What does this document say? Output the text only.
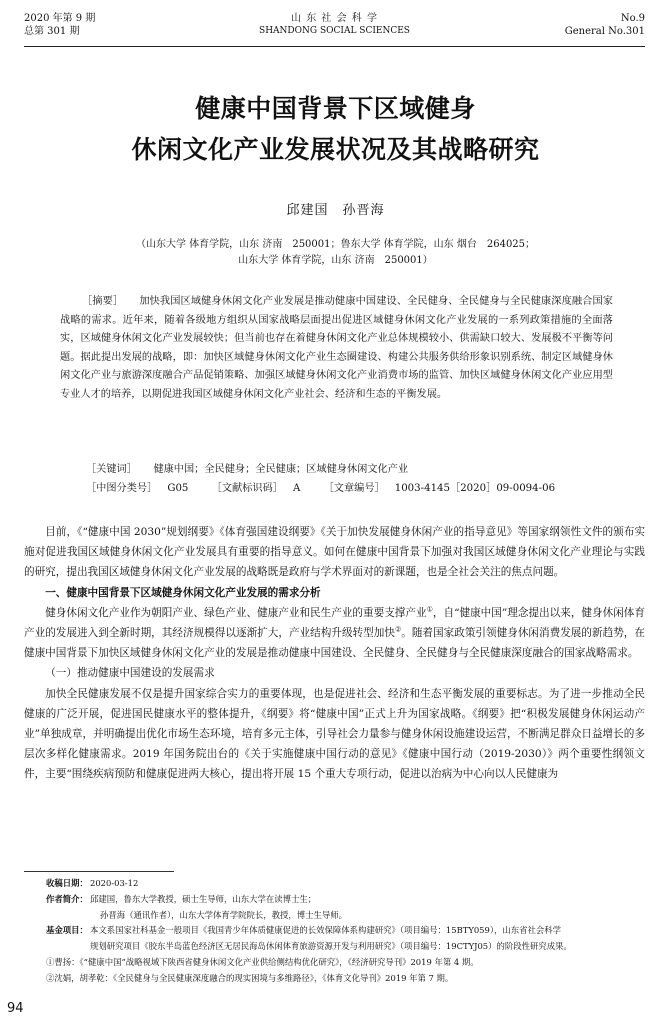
2020 年第 9 期
总第 301 期
山 东 社 会 科 学
SHANDONG SOCIAL SCIENCES
No.9
General No.301
健康中国背景下区域健身
休闲文化产业发展状况及其战略研究
邱建国　孙晋海
（山东大学 体育学院，山东 济南　250001；鲁东大学 体育学院，山东 烟台　264025；
山东大学 体育学院，山东 济南　250001）
［摘要］ 加快我国区域健身休闲文化产业发展是推动健康中国建设、全民健身、全民健身与全民健康深度融合国家战略的需求。近年来，随着各级地方组织从国家战略层面提出促进区域健身休闲文化产业发展的一系列政策措施的全面落实，区域健身休闲文化产业发展较快；但当前也存在着健身休闲文化产业总体规模较小、供需缺口较大、发展极不平衡等问题。据此提出发展的战略，即：加快区域健身休闲文化产业生态圈建设、构建公共服务供给形象识别系统、制定区域健身休闲文化产业与旅游深度融合产品促销策略、加强区域健身休闲文化产业消费市场的监管、加快区域健身休闲文化产业应用型专业人才的培养，以期促进我国区域健身休闲文化产业社会、经济和生态的平衡发展。
［关键词］ 健康中国；全民健身；全民健康；区域健身休闲文化产业
［中图分类号］ G05 ［文献标识码］ A ［文章编号］ 1003-4145［2020］09-0094-06

目前，《“健康中国 2030”规划纲要》《体育强国建设纲要》《关于加快发展健身休闲产业的指导意见》等国家纲领性文件的颁布实施对促进我国区域健身休闲文化产业发展具有重要的指导意义。如何在健康中国背景下加强对我国区域健身休闲文化产业理论与实践的研究，提出我国区域健身休闲文化产业发展的战略既是政府与学术界面对的新课题，也是全社会关注的焦点问题。

一、健康中国背景下区域健身休闲文化产业发展的需求分析

健身休闲文化产业作为朝阳产业、绿色产业、健康产业和民生产业的重要支撑产业①，自“健康中国”理念提出以来，健身休闲体育产业的发展进入到全新时期，其经济规模得以逐渐扩大，产业结构升级转型加快②。随着国家政策引领健身休闲消费发展的新趋势，在健康中国背景下加快区域健身休闲文化产业的发展是推动健康中国建设、全民健身、全民健身与全民健康深度融合的国家战略需求。

（一）推动健康中国建设的发展需求

加快全民健康发展不仅是提升国家综合实力的重要体现，也是促进社会、经济和生态平衡发展的重要标志。为了进一步推动全民健康的广泛开展，促进国民健康水平的整体提升，《纲要》将“健康中国”正式上升为国家战略。《纲要》把“积极发展健身休闲运动产业”单独成章，并明确提出优化市场生态环境，培育多元主体，引导社会力量参与健身休闲设施建设运营，不断满足群众日益增长的多层次多样化健康需求。2019 年国务院出台的《关于实施健康中国行动的意见》《健康中国行动（2019-2030）》两个重要性纲领文件，主要“围绕疾病预防和健康促进两大核心，提出将开展 15 个重大专项行动，促进以治病为中心向以人民健康为

收稿日期： 2020-03-12
作者简介： 邱建国，鲁东大学教授，硕士生导师，山东大学在读博士生；
孙晋海（通讯作者），山东大学体育学院院长，教授，博士生导师。
基金项目： 本文系国家社科基金一般项目《我国青少年体质健康促进的长效保障体系构建研究》（项目编号：15BTY059），山东省社会科学
规划研究项目《胶东半岛蓝色经济区无居民海岛休闲体育旅游资源开发与利用研究》（项目编号：19CTYJ05）的阶段性研究成果。
①曹扬：《“健康中国”战略视域下陕西省健身休闲文化产业供给侧结构优化研究》，《经济研究导刊》2019 年第 4 期。
②沈娟，胡孝乾：《全民健身与全民健康深度融合的现实困境与多维路径》，《体育文化导刊》2019 年第 7 期。
94
